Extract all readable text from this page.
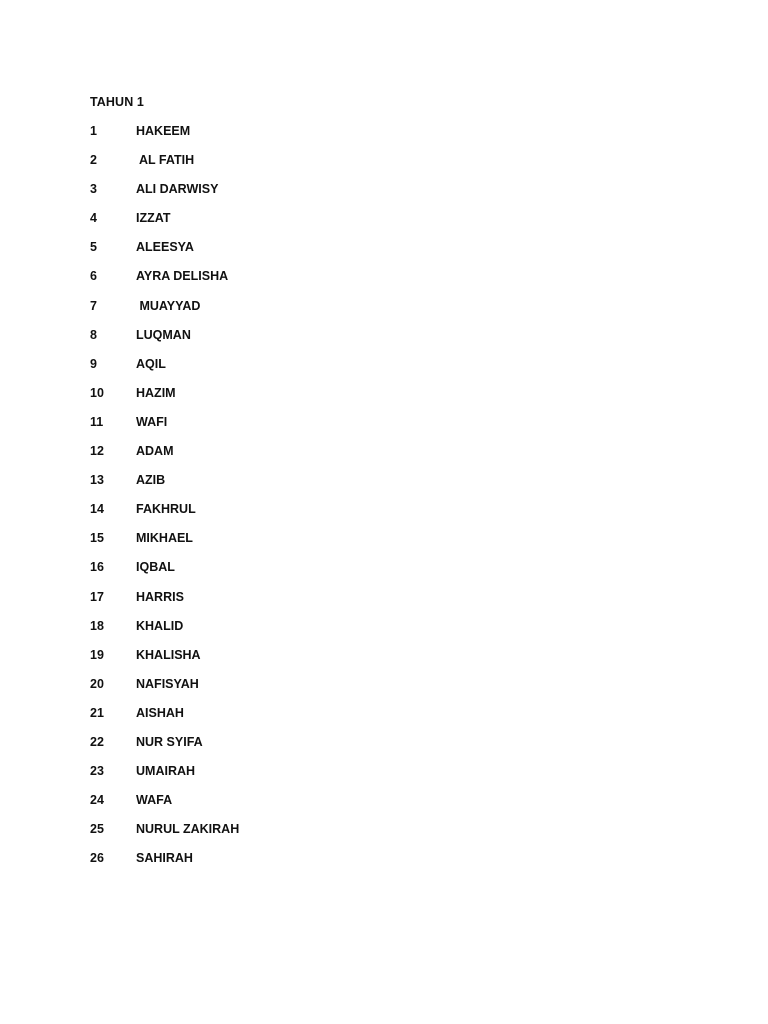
TAHUN 1
1	HAKEEM
2	AL FATIH
3	ALI DARWISY
4	IZZAT
5	ALEESYA
6	AYRA DELISHA
7	MUAYYAD
8	LUQMAN
9	AQIL
10	HAZIM
11	WAFI
12	ADAM
13	AZIB
14	FAKHRUL
15	MIKHAEL
16	IQBAL
17	HARRIS
18	KHALID
19	KHALISHA
20	NAFISYAH
21	AISHAH
22	NUR SYIFA
23	UMAIRAH
24	WAFA
25	NURUL ZAKIRAH
26	SAHIRAH
